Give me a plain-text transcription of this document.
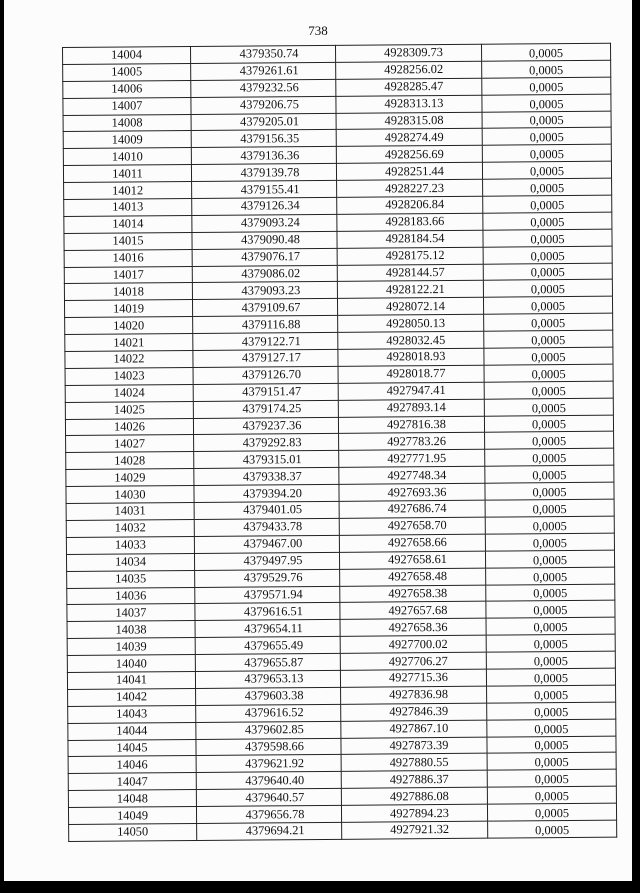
738
14004	4379350.74	4928309.73	0,0005
14005	4379261.61	4928256.02	0,0005
14006	4379232.56	4928285.47	0,0005
14007	4379206.75	4928313.13	0,0005
14008	4379205.01	4928315.08	0,0005
14009	4379156.35	4928274.49	0,0005
14010	4379136.36	4928256.69	0,0005
14011	4379139.78	4928251.44	0,0005
14012	4379155.41	4928227.23	0,0005
14013	4379126.34	4928206.84	0,0005
14014	4379093.24	4928183.66	0,0005
14015	4379090.48	4928184.54	0,0005
14016	4379076.17	4928175.12	0,0005
14017	4379086.02	4928144.57	0,0005
14018	4379093.23	4928122.21	0,0005
14019	4379109.67	4928072.14	0,0005
14020	4379116.88	4928050.13	0,0005
14021	4379122.71	4928032.45	0,0005
14022	4379127.17	4928018.93	0,0005
14023	4379126.70	4928018.77	0,0005
14024	4379151.47	4927947.41	0,0005
14025	4379174.25	4927893.14	0,0005
14026	4379237.36	4927816.38	0,0005
14027	4379292.83	4927783.26	0,0005
14028	4379315.01	4927771.95	0,0005
14029	4379338.37	4927748.34	0,0005
14030	4379394.20	4927693.36	0,0005
14031	4379401.05	4927686.74	0,0005
14032	4379433.78	4927658.70	0,0005
14033	4379467.00	4927658.66	0,0005
14034	4379497.95	4927658.61	0,0005
14035	4379529.76	4927658.48	0,0005
14036	4379571.94	4927658.38	0,0005
14037	4379616.51	4927657.68	0,0005
14038	4379654.11	4927658.36	0,0005
14039	4379655.49	4927700.02	0,0005
14040	4379655.87	4927706.27	0,0005
14041	4379653.13	4927715.36	0,0005
14042	4379603.38	4927836.98	0,0005
14043	4379616.52	4927846.39	0,0005
14044	4379602.85	4927867.10	0,0005
14045	4379598.66	4927873.39	0,0005
14046	4379621.92	4927880.55	0,0005
14047	4379640.40	4927886.37	0,0005
14048	4379640.57	4927886.08	0,0005
14049	4379656.78	4927894.23	0,0005
14050	4379694.21	4927921.32	0,0005
